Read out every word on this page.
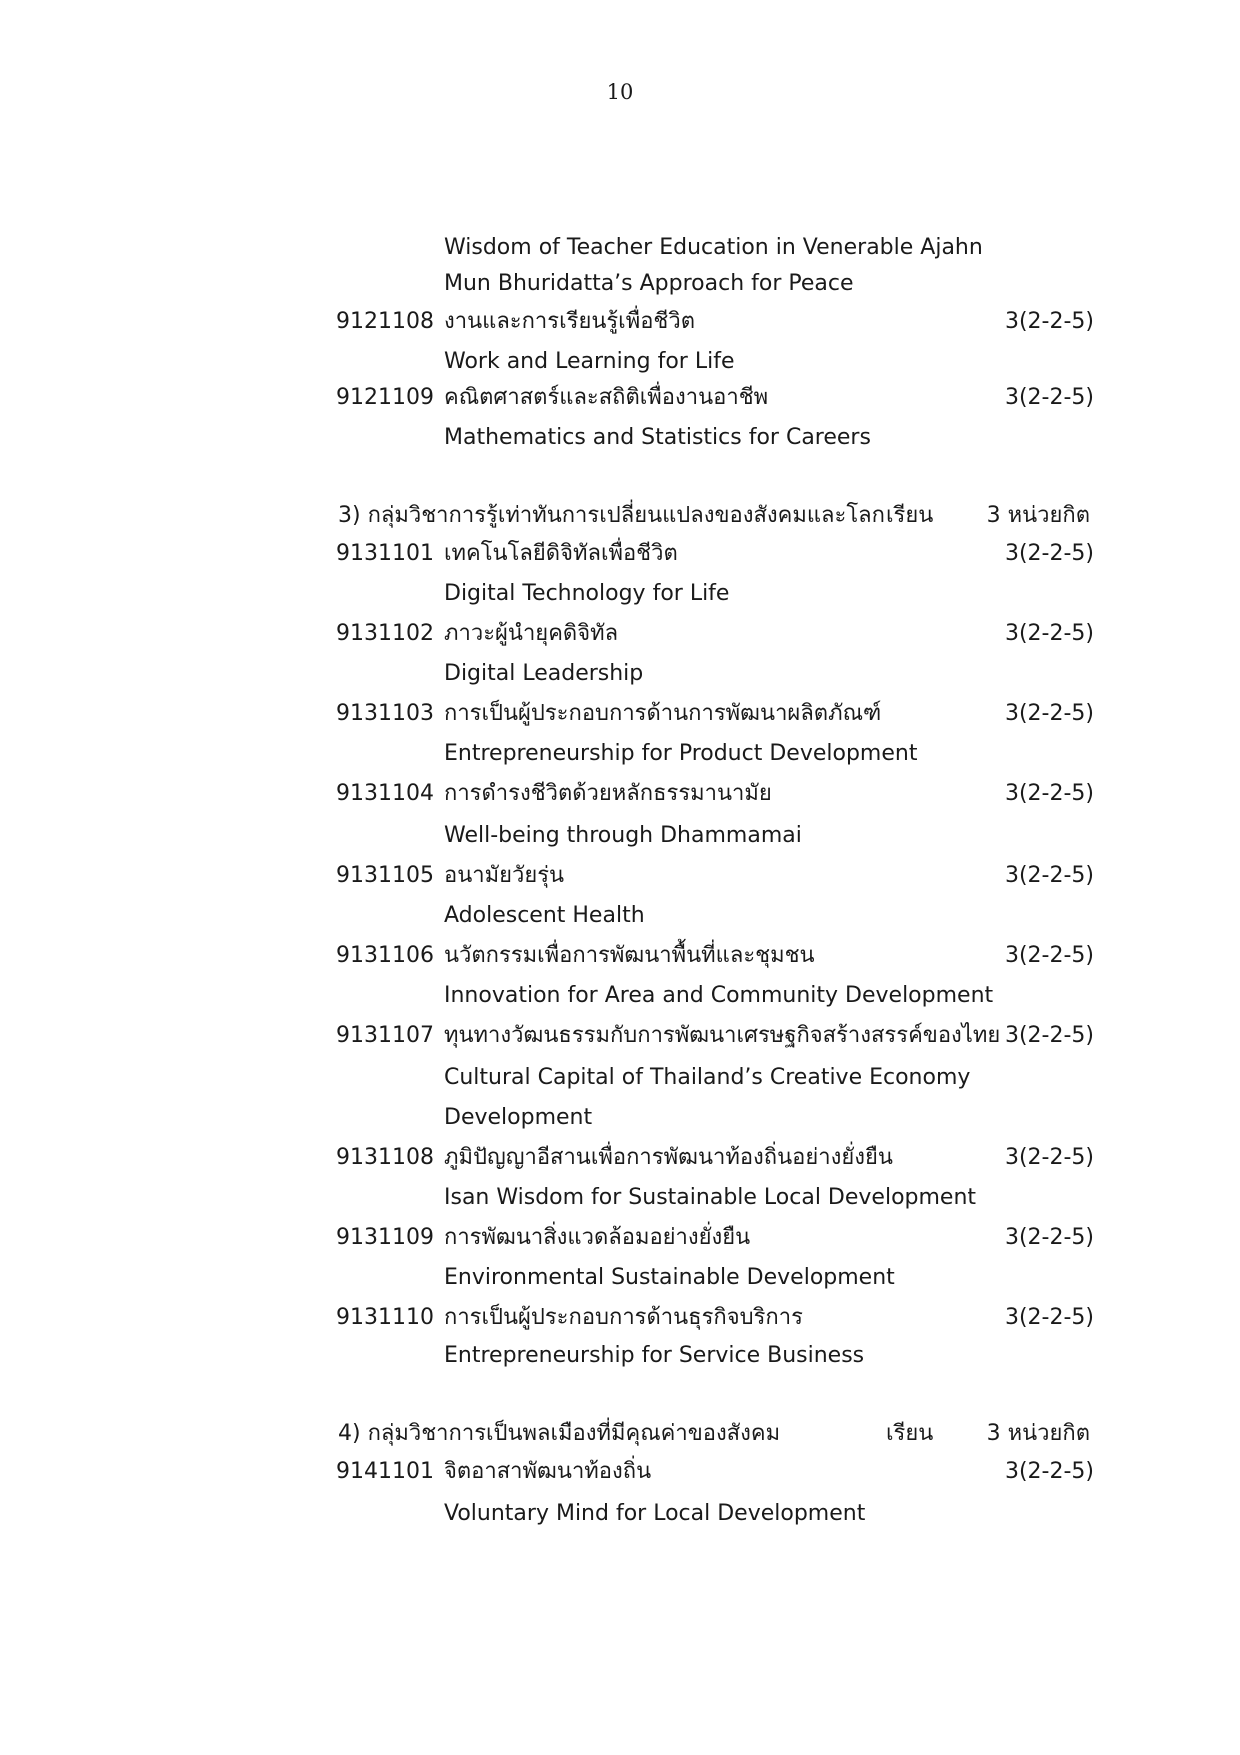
10
Wisdom of Teacher Education in Venerable Ajahn
Mun Bhuridatta’s Approach for Peace
9121108 งานและการเรียนรู้เพื่อชีวิต	3(2-2-5)
Work and Learning for Life
9121109 คณิตศาสตร์และสถิติเพื่องานอาชีพ	3(2-2-5)
Mathematics and Statistics for Careers
3) กลุ่มวิชาการรู้เท่าทันการเปลี่ยนแปลงของสังคมและโลก เรียน 3 หน่วยกิต
9131101 เทคโนโลยีดิจิทัลเพื่อชีวิต	3(2-2-5)
Digital Technology for Life
9131102 ภาวะผู้นำยุคดิจิทัล	3(2-2-5)
Digital Leadership
9131103 การเป็นผู้ประกอบการด้านการพัฒนาผลิตภัณฑ์	3(2-2-5)
Entrepreneurship for Product Development
9131104 การดำรงชีวิตด้วยหลักธรรมานามัย	3(2-2-5)
Well-being through Dhammamai
9131105 อนามัยวัยรุ่น	3(2-2-5)
Adolescent Health
9131106 นวัตกรรมเพื่อการพัฒนาพื้นที่และชุมชน	3(2-2-5)
Innovation for Area and Community Development
9131107 ทุนทางวัฒนธรรมกับการพัฒนาเศรษฐกิจสร้างสรรค์ของไทย 3(2-2-5)
Cultural Capital of Thailand’s Creative Economy
Development
9131108 ภูมิปัญญาอีสานเพื่อการพัฒนาท้องถิ่นอย่างยั่งยืน	3(2-2-5)
Isan Wisdom for Sustainable Local Development
9131109 การพัฒนาสิ่งแวดล้อมอย่างยั่งยืน	3(2-2-5)
Environmental Sustainable Development
9131110 การเป็นผู้ประกอบการด้านธุรกิจบริการ	3(2-2-5)
Entrepreneurship for Service Business
4) กลุ่มวิชาการเป็นพลเมืองที่มีคุณค่าของสังคม	เรียน 3 หน่วยกิต
9141101 จิตอาสาพัฒนาท้องถิ่น	3(2-2-5)
Voluntary Mind for Local Development
